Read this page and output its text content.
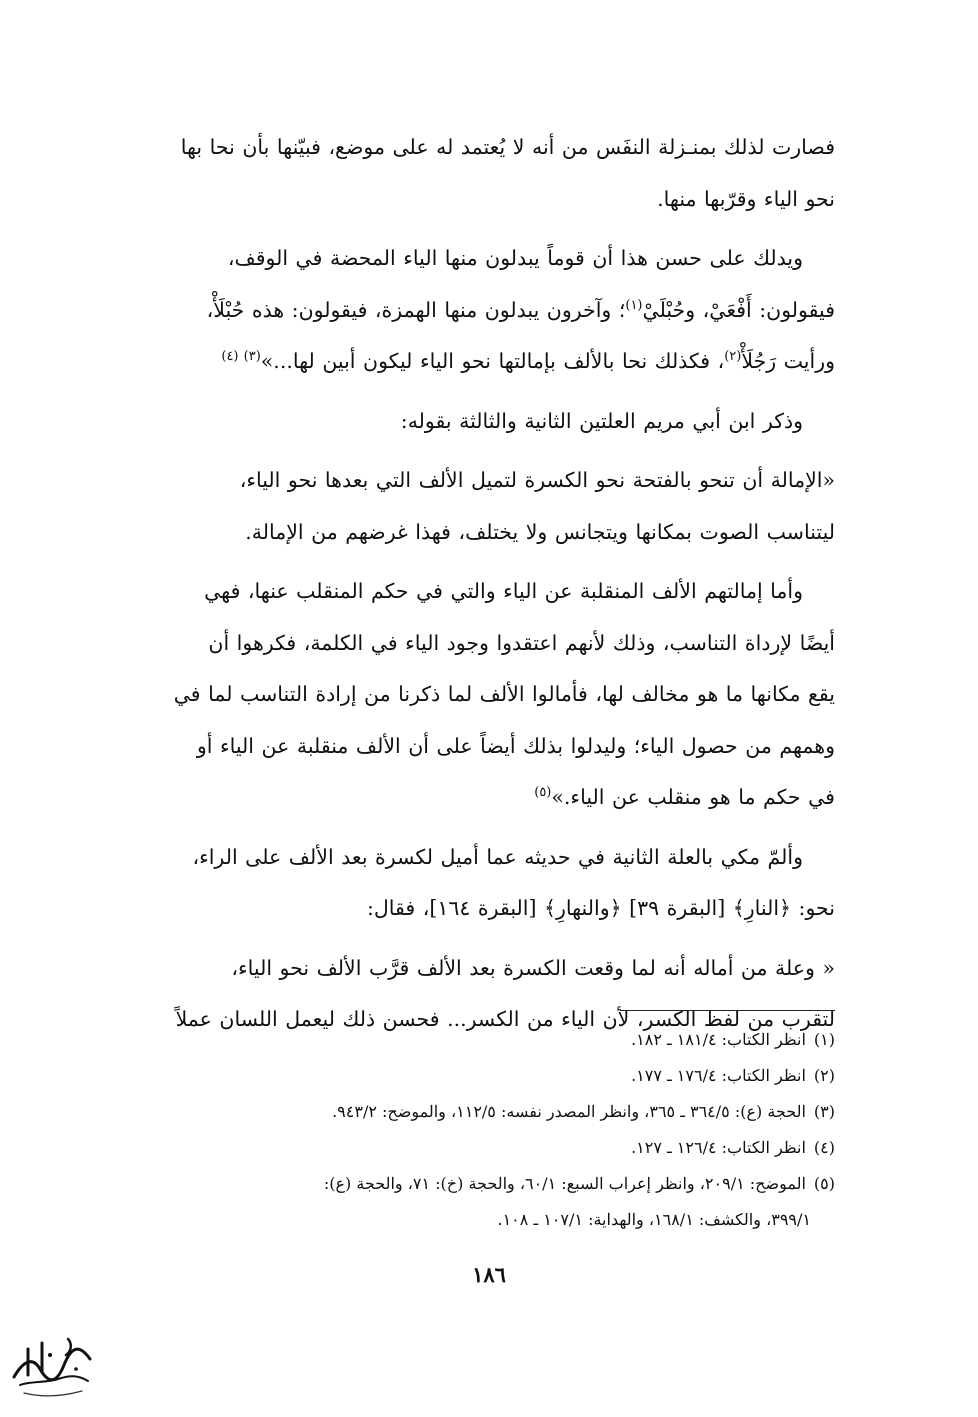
فصارت لذلك بمنـزلة النفَس من أنه لا يُعتمد له على موضع، فبيّنها بأن نحا بها
نحو الياء وقرّبها منها.

ويدلك على حسن هذا أن قوماً يبدلون منها الياء المحضة في الوقف،
فيقولون: أَفْعَيْ، وحُبْلَيْ$^{(١)}$؛ وآخرون يبدلون منها الهمزة، فيقولون: هذه حُبْلَأْ،
ورأيت رَجُلَأْ$^{(٢)}$، فكذلك نحا بالألف بإمالتها نحو الياء ليكون أبين لها...»$^{(٣) (٤)}$

وذكر ابن أبي مريم العلتين الثانية والثالثة بقوله:

«الإمالة أن تنحو بالفتحة نحو الكسرة لتميل الألف التي بعدها نحو الياء،
ليتناسب الصوت بمكانها ويتجانس ولا يختلف، فهذا غرضهم من الإمالة.

وأما إمالتهم الألف المنقلبة عن الياء والتي في حكم المنقلب عنها، فهي
أيضًا لإرداة التناسب، وذلك لأنهم اعتقدوا وجود الياء في الكلمة، فكرهوا أن
يقع مكانها ما هو مخالف لها، فأمالوا الألف لما ذكرنا من إرادة التناسب لما في
وهمهم من حصول الياء؛ وليدلوا بذلك أيضاً على أن الألف منقلبة عن الياء أو
في حكم ما هو منقلب عن الياء.»$^{(٥)}$

وألمّ مكي بالعلة الثانية في حديثه عما أميل لكسرة بعد الألف على الراء،
نحو: ﴿النارِ﴾ [البقرة ٣٩] ﴿والنهارِ﴾ [البقرة ١٦٤]، فقال:

« وعلة من أماله أنه لما وقعت الكسرة بعد الألف قرَّب الألف نحو الياء،
لتقرب من لفظ الكسر، لأن الياء من الكسر... فحسن ذلك ليعمل اللسان عملاً

(١) انظر الكتاب: ١٨١/٤ ـ ١٨٢.

(٢) انظر الكتاب: ١٧٦/٤ ـ ١٧٧.

(٣) الحجة (ع): ٣٦٤/٥ ـ ٣٦٥، وانظر المصدر نفسه: ١١٢/٥، والموضح: ٩٤٣/٢.

(٤) انظر الكتاب: ١٢٦/٤ ـ ١٢٧.

(٥) الموضح: ٢٠٩/١، وانظر إعراب السبع: ٦٠/١، والحجة (خ): ٧١، والحجة (ع):

٣٩٩/١، والكشف: ١٦٨/١، والهداية: ١٠٧/١ ـ ١٠٨.

١٨٦
